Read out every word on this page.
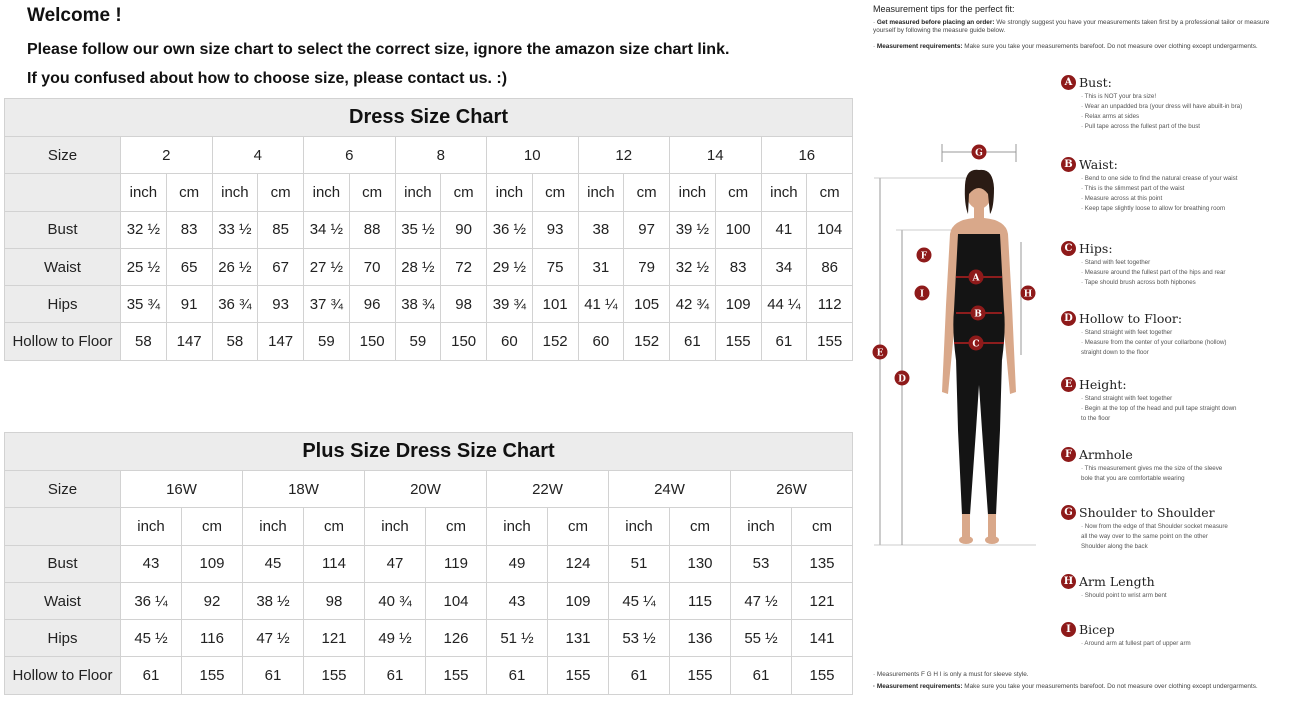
Welcome !
Please follow our own size chart to select the correct size, ignore the amazon size chart link.
If you confused about how to choose size, please contact us. :)
Dress Size Chart																
Size	2		4		6		8		10		12		14		16	
	inch	cm	inch	cm	inch	cm	inch	cm	inch	cm	inch	cm	inch	cm	inch	cm
Bust	32 ½	83	33 ½	85	34 ½	88	35 ½	90	36 ½	93	38	97	39 ½	100	41	104
Waist	25 ½	65	26 ½	67	27 ½	70	28 ½	72	29 ½	75	31	79	32 ½	83	34	86
Hips	35 ¾	91	36 ¾	93	37 ¾	96	38 ¾	98	39 ¾	101	41 ¼	105	42 ¾	109	44 ¼	112
Hollow to Floor	58	147	58	147	59	150	59	150	60	152	60	152	61	155	61	155
Plus Size Dress Size Chart												
Size	16W		18W		20W		22W		24W		26W	
	inch	cm	inch	cm	inch	cm	inch	cm	inch	cm	inch	cm
Bust	43	109	45	114	47	119	49	124	51	130	53	135
Waist	36 ¼	92	38 ½	98	40 ¾	104	43	109	45 ¼	115	47 ½	121
Hips	45 ½	116	47 ½	121	49 ½	126	51 ½	131	53 ½	136	55 ½	141
Hollow to Floor	61	155	61	155	61	155	61	155	61	155	61	155
Measurement tips for the perfect fit:
· Get measured before placing an order: We strongly suggest you have your measurements taken first by a professional tailor or measure yourself by following the measure guide below.
· Measurement requirements: Make sure you take your measurements barefoot. Do not measure over clothing except undergarments.
G
F
A
I
B
H
E
C
D
A Bust:
· This is NOT your bra size!
· Wear an unpadded bra (your dress will have abuilt-in bra)
· Relax arms at sides
· Pull tape across the fullest part of the bust
B Waist:
· Bend to one side to find the natural crease of your waist
· This is the slimmest part of the waist
· Measure across at this point
· Keep tape slightly loose to allow for breathing room
C Hips:
· Stand with feet together
· Measure around the fullest part of the hips and rear
· Tape should brush across both hipbones
D Hollow to Floor:
· Stand straight with feet together
· Measure from the center of your collarbone (hollow)
straight down to the floor
E Height:
· Stand straight with feet together
· Begin at the top of the head and pull tape straight down
to the floor
F Armhole
· This measurement gives me the size of the sleeve
bole that you are comfortable wearing
G Shoulder to Shoulder
· Now from the edge of that Shoulder socket measure
all the way over to the same point on the other
Shoulder along the back
H Arm Length
· Should point to wrist arm bent
I Bicep
· Around arm at fullest part of upper arm
· Measurements F G H I is only a must for sleeve style.
· Measurement requirements: Make sure you take your measurements barefoot. Do not measure over clothing except undergarments.
